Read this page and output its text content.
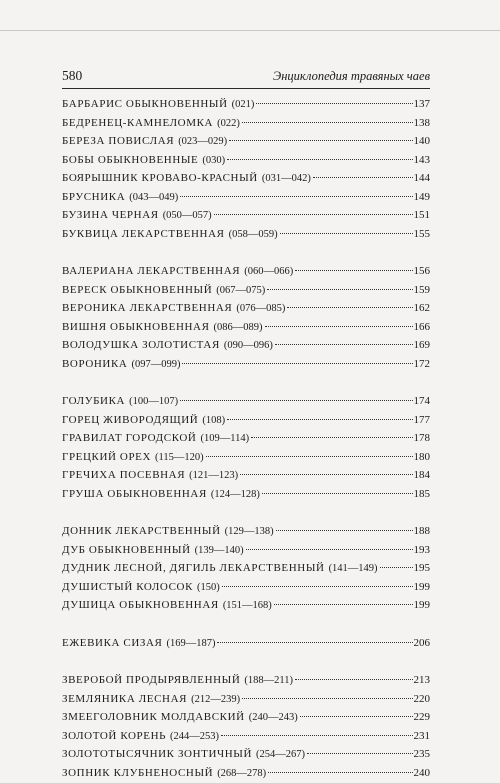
580	Энциклопедия травяных чаев
БАРБАРИС ОБЫКНОВЕННЫЙ (021)	137
БЕДРЕНЕЦ-КАМНЕЛОМКА (022)	138
БЕРЕЗА ПОВИСЛАЯ (023—029)	140
БОБЫ ОБЫКНОВЕННЫЕ (030)	143
БОЯРЫШНИК КРОВАВО-КРАСНЫЙ (031—042)	144
БРУСНИКА (043—049)	149
БУЗИНА ЧЕРНАЯ (050—057)	151
БУКВИЦА ЛЕКАРСТВЕННАЯ (058—059)	155
ВАЛЕРИАНА ЛЕКАРСТВЕННАЯ (060—066)	156
ВЕРЕСК ОБЫКНОВЕННЫЙ (067—075)	159
ВЕРОНИКА ЛЕКАРСТВЕННАЯ (076—085)	162
ВИШНЯ ОБЫКНОВЕННАЯ (086—089)	166
ВОЛОДУШКА ЗОЛОТИСТАЯ (090—096)	169
ВОРОНИКА (097—099)	172
ГОЛУБИКА (100—107)	174
ГОРЕЦ ЖИВОРОДЯЩИЙ (108)	177
ГРАВИЛАТ ГОРОДСКОЙ (109—114)	178
ГРЕЦКИЙ ОРЕХ (115—120)	180
ГРЕЧИХА ПОСЕВНАЯ (121—123)	184
ГРУША ОБЫКНОВЕННАЯ (124—128)	185
ДОННИК ЛЕКАРСТВЕННЫЙ (129—138)	188
ДУБ ОБЫКНОВЕННЫЙ (139—140)	193
ДУДНИК ЛЕСНОЙ, ДЯГИЛЬ ЛЕКАРСТВЕННЫЙ (141—149)	195
ДУШИСТЫЙ КОЛОСОК (150)	199
ДУШИЦА ОБЫКНОВЕННАЯ (151—168)	199
ЕЖЕВИКА СИЗАЯ (169—187)	206
ЗВЕРОБОЙ ПРОДЫРЯВЛЕННЫЙ (188—211)	213
ЗЕМЛЯНИКА ЛЕСНАЯ (212—239)	220
ЗМЕЕГОЛОВНИК МОЛДАВСКИЙ (240—243)	229
ЗОЛОТОЙ КОРЕНЬ (244—253)	231
ЗОЛОТОТЫСЯЧНИК ЗОНТИЧНЫЙ (254—267)	235
ЗОПНИК КЛУБНЕНОСНЫЙ (268—278)	240
